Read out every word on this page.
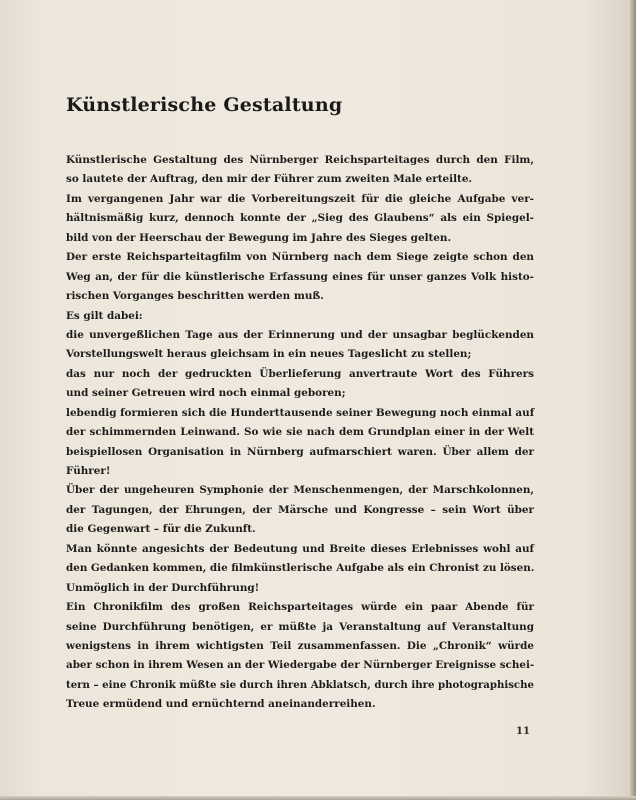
Künstlerische Gestaltung
Künstlerische Gestaltung des Nürnberger Reichsparteitages durch den Film,
so lautete der Auftrag, den mir der Führer zum zweiten Male erteilte.
Im vergangenen Jahr war die Vorbereitungszeit für die gleiche Aufgabe ver-
hältnismäßig kurz, dennoch konnte der „Sieg des Glaubens“ als ein Spiegel-
bild von der Heerschau der Bewegung im Jahre des Sieges gelten.
Der erste Reichsparteitagfilm von Nürnberg nach dem Siege zeigte schon den
Weg an, der für die künstlerische Erfassung eines für unser ganzes Volk histo-
rischen Vorganges beschritten werden muß.
Es gilt dabei:
die unvergeßlichen Tage aus der Erinnerung und der unsagbar beglückenden
Vorstellungswelt heraus gleichsam in ein neues Tageslicht zu stellen;
das nur noch der gedruckten Überlieferung anvertraute Wort des Führers
und seiner Getreuen wird noch einmal geboren;
lebendig formieren sich die Hunderttausende seiner Bewegung noch einmal auf
der schimmernden Leinwand. So wie sie nach dem Grundplan einer in der Welt
beispiellosen Organisation in Nürnberg aufmarschiert waren. Über allem der
Führer!
Über der ungeheuren Symphonie der Menschenmengen, der Marschkolonnen,
der Tagungen, der Ehrungen, der Märsche und Kongresse – sein Wort über
die Gegenwart – für die Zukunft.
Man könnte angesichts der Bedeutung und Breite dieses Erlebnisses wohl auf
den Gedanken kommen, die filmkünstlerische Aufgabe als ein Chronist zu lösen.
Unmöglich in der Durchführung!
Ein Chronikfilm des großen Reichsparteitages würde ein paar Abende für
seine Durchführung benötigen, er müßte ja Veranstaltung auf Veranstaltung
wenigstens in ihrem wichtigsten Teil zusammenfassen. Die „Chronik“ würde
aber schon in ihrem Wesen an der Wiedergabe der Nürnberger Ereignisse schei-
tern – eine Chronik müßte sie durch ihren Abklatsch, durch ihre photographische
Treue ermüdend und ernüchternd aneinanderreihen.
11
